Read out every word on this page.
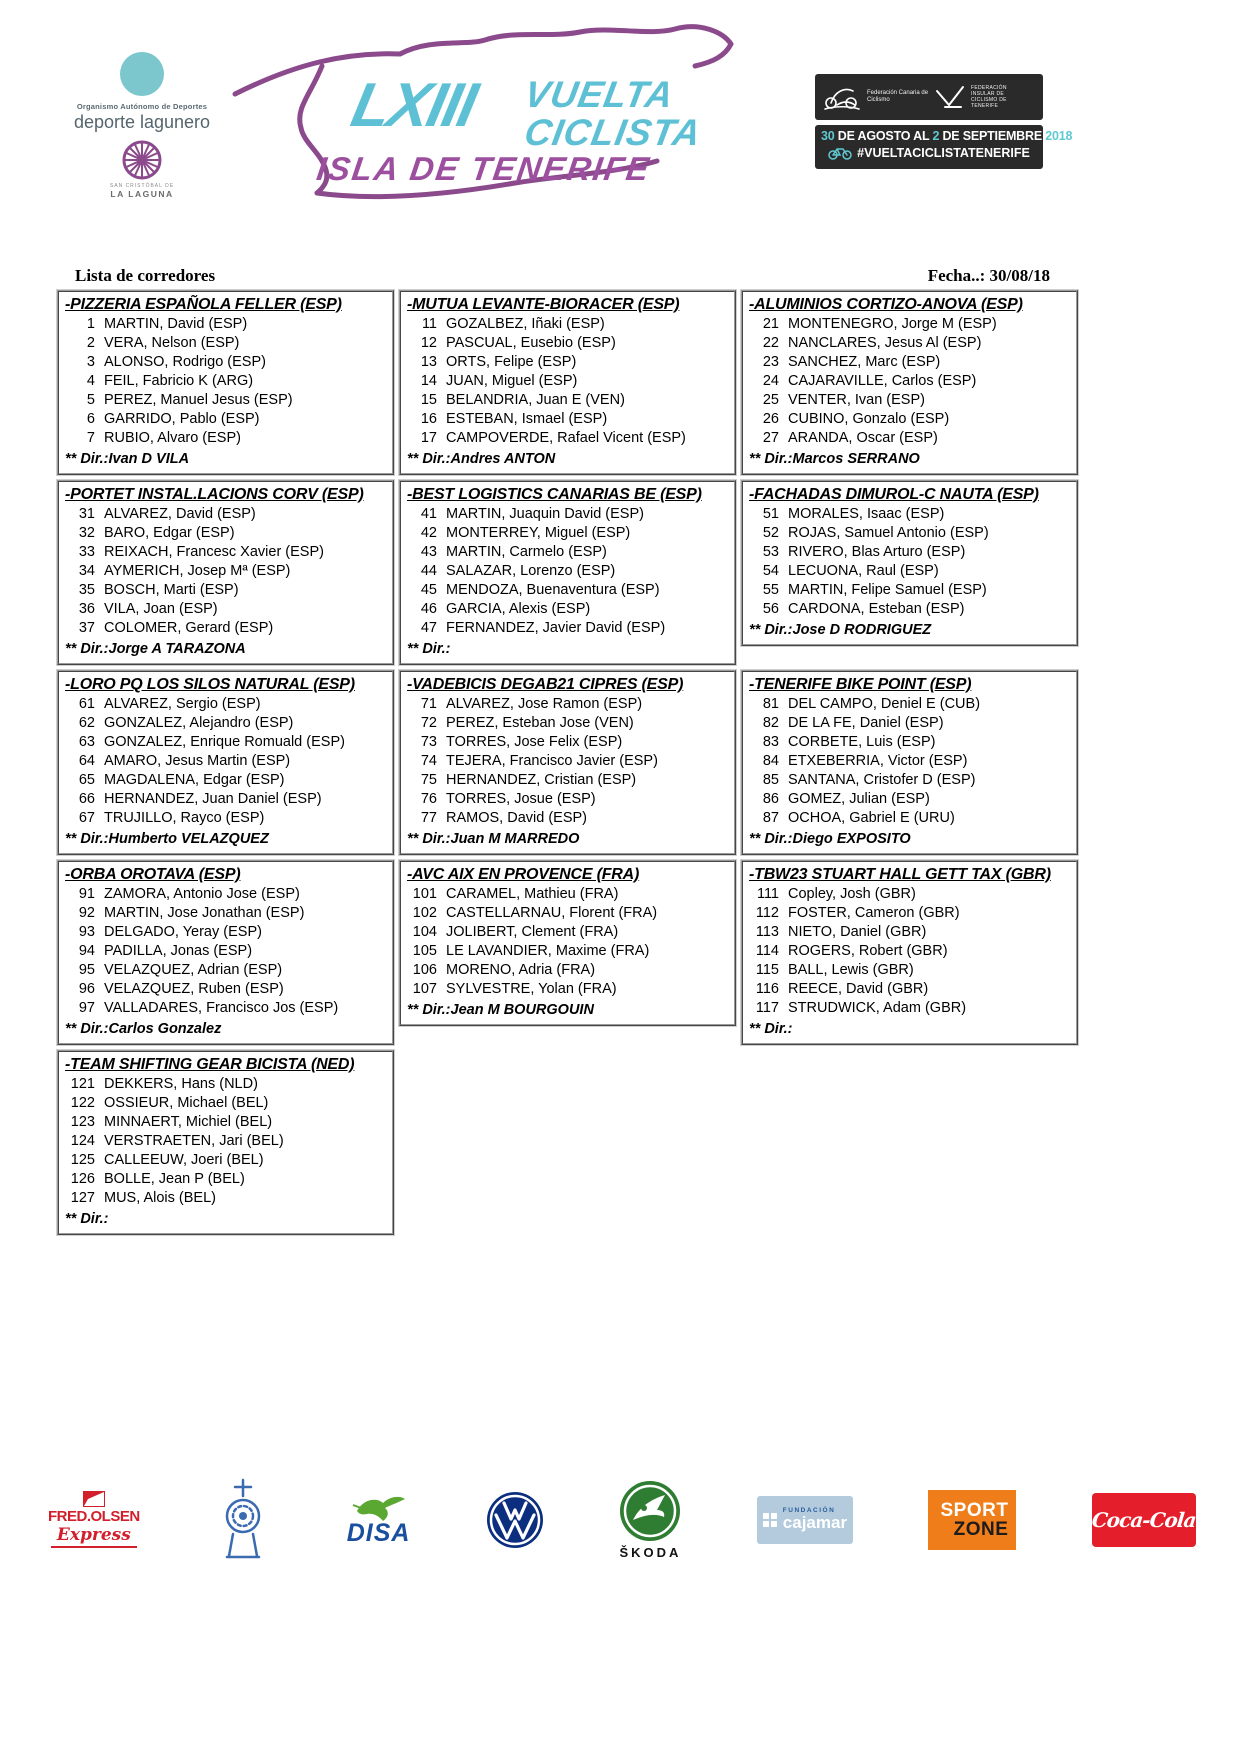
Organismo Autónomo de Deportes
deporte lagunero
SAN CRISTÓBAL DE
LA LAGUNA
LXIII VUELTA
CICLISTA
ISLA DE TENERIFE
Federación Canaria de Ciclismo
FEDERACIÓN INSULAR DE CICLISMO DE TENERIFE
30 DE AGOSTO AL 2 DE SEPTIEMBRE 2018
#VUELTACICLISTATENERIFE
Lista de corredores	Fecha..: 30/08/18
-PIZZERIA ESPAÑOLA FELLER (ESP)
1 MARTIN, David (ESP)
2 VERA, Nelson (ESP)
3 ALONSO, Rodrigo (ESP)
4 FEIL, Fabricio K (ARG)
5 PEREZ, Manuel Jesus (ESP)
6 GARRIDO, Pablo (ESP)
7 RUBIO, Alvaro (ESP)
** Dir.:Ivan D VILA
-MUTUA LEVANTE-BIORACER (ESP)
11 GOZALBEZ, Iñaki (ESP)
12 PASCUAL, Eusebio (ESP)
13 ORTS, Felipe (ESP)
14 JUAN, Miguel (ESP)
15 BELANDRIA, Juan E (VEN)
16 ESTEBAN, Ismael (ESP)
17 CAMPOVERDE, Rafael Vicent (ESP)
** Dir.:Andres ANTON
-ALUMINIOS CORTIZO-ANOVA (ESP)
21 MONTENEGRO, Jorge M (ESP)
22 NANCLARES, Jesus Al (ESP)
23 SANCHEZ, Marc (ESP)
24 CAJARAVILLE, Carlos (ESP)
25 VENTER, Ivan (ESP)
26 CUBINO, Gonzalo (ESP)
27 ARANDA, Oscar (ESP)
** Dir.:Marcos SERRANO
-PORTET INSTAL.LACIONS CORV (ESP)
31 ALVAREZ, David (ESP)
32 BARO, Edgar (ESP)
33 REIXACH, Francesc Xavier (ESP)
34 AYMERICH, Josep Mª (ESP)
35 BOSCH, Marti (ESP)
36 VILA, Joan (ESP)
37 COLOMER, Gerard (ESP)
** Dir.:Jorge A TARAZONA
-BEST LOGISTICS CANARIAS BE (ESP)
41 MARTIN, Juaquin David (ESP)
42 MONTERREY, Miguel (ESP)
43 MARTIN, Carmelo (ESP)
44 SALAZAR, Lorenzo (ESP)
45 MENDOZA, Buenaventura (ESP)
46 GARCIA, Alexis (ESP)
47 FERNANDEZ, Javier David (ESP)
** Dir.:
-FACHADAS DIMUROL-C NAUTA (ESP)
51 MORALES, Isaac (ESP)
52 ROJAS, Samuel Antonio (ESP)
53 RIVERO, Blas Arturo (ESP)
54 LECUONA, Raul (ESP)
55 MARTIN, Felipe Samuel (ESP)
56 CARDONA, Esteban (ESP)
** Dir.:Jose D RODRIGUEZ
-LORO PQ LOS SILOS NATURAL (ESP)
61 ALVAREZ, Sergio (ESP)
62 GONZALEZ, Alejandro (ESP)
63 GONZALEZ, Enrique Romuald (ESP)
64 AMARO, Jesus Martin (ESP)
65 MAGDALENA, Edgar (ESP)
66 HERNANDEZ, Juan Daniel (ESP)
67 TRUJILLO, Rayco (ESP)
** Dir.:Humberto VELAZQUEZ
-VADEBICIS DEGAB21 CIPRES (ESP)
71 ALVAREZ, Jose Ramon (ESP)
72 PEREZ, Esteban Jose (VEN)
73 TORRES, Jose Felix (ESP)
74 TEJERA, Francisco Javier (ESP)
75 HERNANDEZ, Cristian (ESP)
76 TORRES, Josue (ESP)
77 RAMOS, David (ESP)
** Dir.:Juan M MARREDO
-TENERIFE BIKE POINT (ESP)
81 DEL CAMPO, Deniel E (CUB)
82 DE LA FE, Daniel (ESP)
83 CORBETE, Luis (ESP)
84 ETXEBERRIA, Victor (ESP)
85 SANTANA, Cristofer D (ESP)
86 GOMEZ, Julian (ESP)
87 OCHOA, Gabriel E (URU)
** Dir.:Diego EXPOSITO
-ORBA OROTAVA (ESP)
91 ZAMORA, Antonio Jose (ESP)
92 MARTIN, Jose Jonathan (ESP)
93 DELGADO, Yeray (ESP)
94 PADILLA, Jonas (ESP)
95 VELAZQUEZ, Adrian (ESP)
96 VELAZQUEZ, Ruben (ESP)
97 VALLADARES, Francisco Jos (ESP)
** Dir.:Carlos Gonzalez
-AVC AIX EN PROVENCE (FRA)
101 CARAMEL, Mathieu (FRA)
102 CASTELLARNAU, Florent (FRA)
104 JOLIBERT, Clement (FRA)
105 LE LAVANDIER, Maxime (FRA)
106 MORENO, Adria (FRA)
107 SYLVESTRE, Yolan (FRA)
** Dir.:Jean M BOURGOUIN
-TBW23 STUART HALL GETT TAX (GBR)
111 Copley, Josh (GBR)
112 FOSTER, Cameron (GBR)
113 NIETO, Daniel (GBR)
114 ROGERS, Robert (GBR)
115 BALL, Lewis (GBR)
116 REECE, David (GBR)
117 STRUDWICK, Adam (GBR)
** Dir.:
-TEAM SHIFTING GEAR BICISTA (NED)
121 DEKKERS, Hans (NLD)
122 OSSIEUR, Michael (BEL)
123 MINNAERT, Michiel (BEL)
124 VERSTRAETEN, Jari (BEL)
125 CALLEEUW, Joeri (BEL)
126 BOLLE, Jean P (BEL)
127 MUS, Alois (BEL)
** Dir.:
FRED.OLSEN
Express	DISA
ŠKODA
FUNDACIÓN
cajamar
SPORT
ZONE	Coca-Cola
